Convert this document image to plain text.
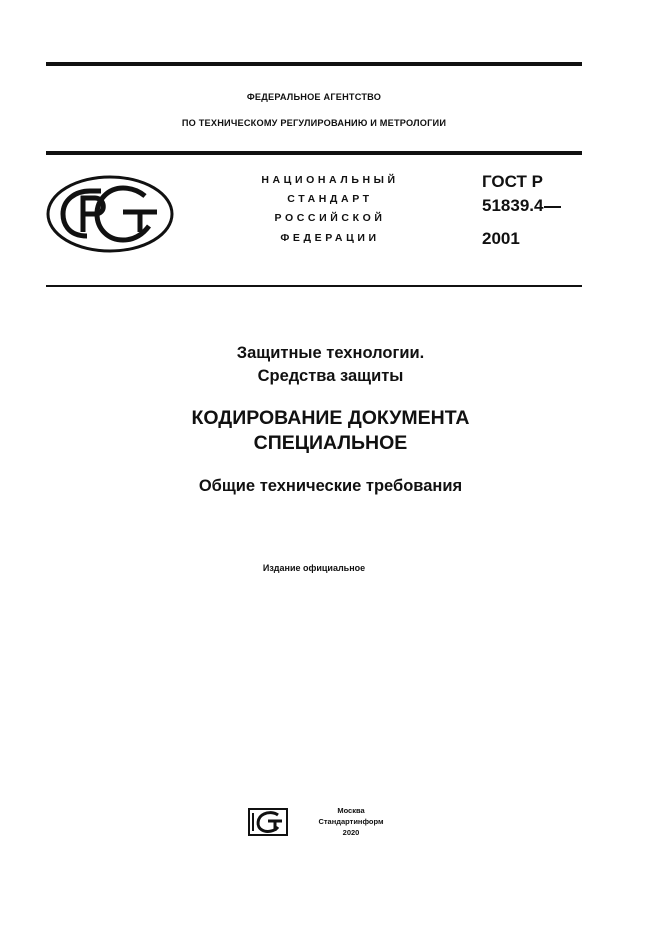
ФЕДЕРАЛЬНОЕ АГЕНТСТВО
ПО ТЕХНИЧЕСКОМУ РЕГУЛИРОВАНИЮ И МЕТРОЛОГИИ
НАЦИОНАЛЬНЫЙ
СТАНДАРТ
РОССИЙСКОЙ
ФЕДЕРАЦИИ
ГОСТ Р
51839.4
2001
Защитные технологии.
Средства защиты
КОДИРОВАНИЕ ДОКУМЕНТА
СПЕЦИАЛЬНОЕ
Общие технические требования
Издание официальное
Москва
Стандартинформ
2020
